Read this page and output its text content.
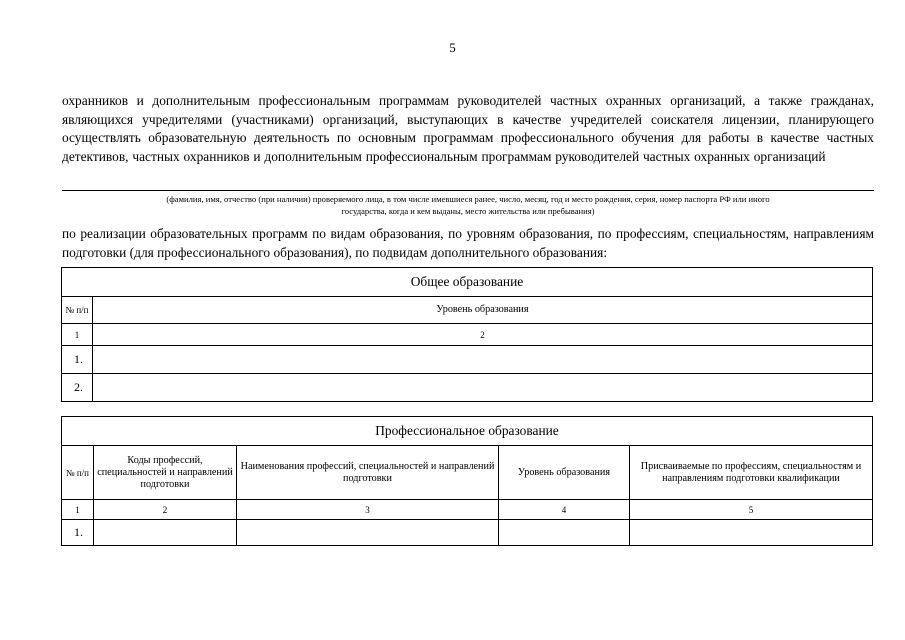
5
охранников и дополнительным профессиональным программам руководителей частных охранных организаций, а также гражданах, являющихся учредителями (участниками) организаций, выступающих в качестве учредителей соискателя лицензии, планирующего осуществлять образовательную деятельность по основным программам профессионального обучения для работы в качестве частных детективов, частных охранников и дополнительным профессиональным программам руководителей частных охранных организаций
(фамилия, имя, отчество (при наличии) проверяемого лица, в том числе имевшиеся ранее, число, месяц, год и место рождения, серия, номер паспорта РФ или иного
государства, когда и кем выданы, место жительства или пребывания)
по реализации образовательных программ по видам образования, по уровням образования, по профессиям, специальностям, направлениям подготовки (для профессионального образования), по подвидам дополнительного образования:
Общее образование	
№ п/п	Уровень образования
1	2
1.	
2.	
Профессиональное образование				
№ п/п	Коды профессий, специальностей и направлений подготовки	Наименования профессий, специальностей и направлений подготовки	Уровень образования	Присваиваемые по профессиям, специальностям и направлениям подготовки квалификации
1	2	3	4	5
1.				
